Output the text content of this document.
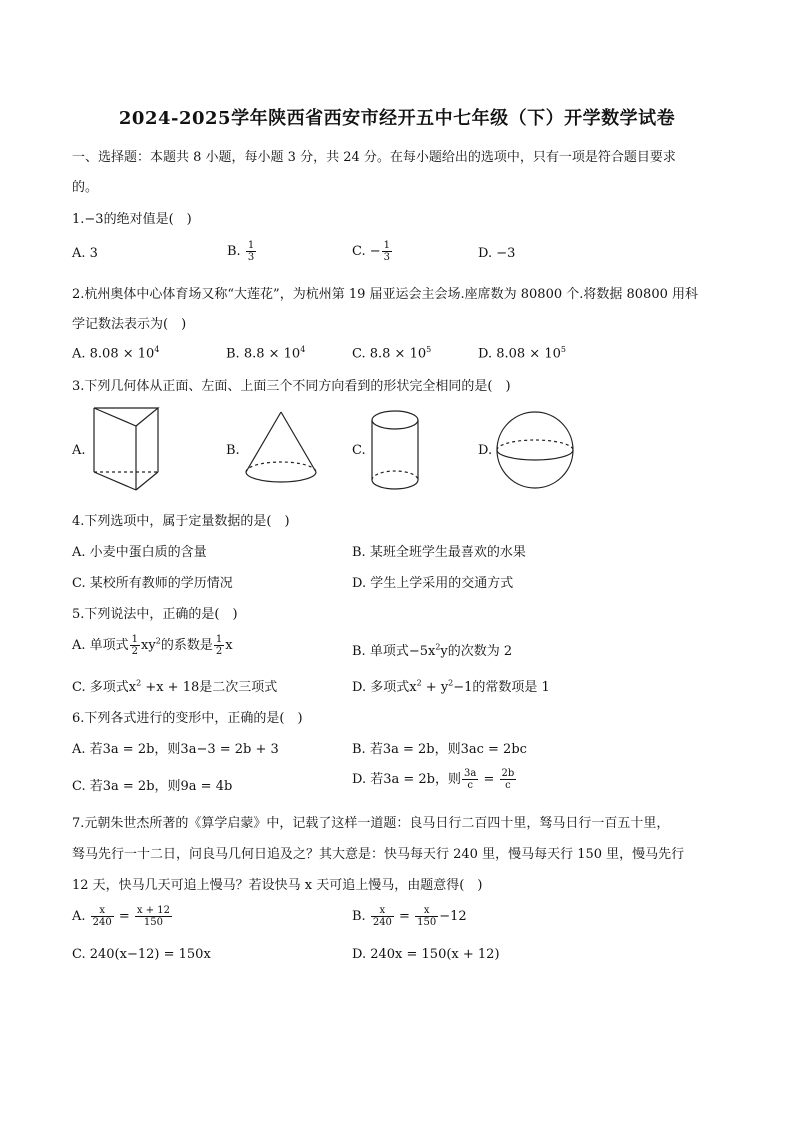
2024-2025学年陕西省西安市经开五中七年级（下）开学数学试卷
一、选择题：本题共 8 小题，每小题 3 分，共 24 分。在每小题给出的选项中，只有一项是符合题目要求
的。
1.−3的绝对值是(　)
A. 3	B. $\frac{1}{3}$	C. − $\frac{1}{3}$	D. −3
2.杭州奥体中心体育场又称“大莲花”，为杭州第 19 届亚运会主会场.座席数为 80800 个.将数据 80800 用科
学记数法表示为(　)
A. $8.08 \times 10^4$	B. $8.8 \times 10^4$	C. $8.8 \times 10^5$	D. $8.08 \times 10^5$
3.下列几何体从正面、左面、上面三个不同方向看到的形状完全相同的是(　)
A.	B.	C.	D.
4.下列选项中，属于定量数据的是(　)
A. 小麦中蛋白质的含量	B. 某班全班学生最喜欢的水果
C. 某校所有教师的学历情况	D. 学生上学采用的交通方式
5.下列说法中，正确的是(　)
A. 单项式 $\frac{1}{2} xy^2$的系数是 $\frac{1}{2}$ x	B. 单项式$-5x^2y$的次数为 2
C. 多项式$x^2 +x + 18$是二次三项式	D. 多项式$x^2 + y^2-1$的常数项是 1
6.下列各式进行的变形中，正确的是(　)
A. 若3a = 2b，则3a−3 = 2b + 3	B. 若3a = 2b，则3ac = 2bc
C. 若3a = 2b，则9a = 4b	D. 若3a = 2b，则 $\frac{3a}{c} = \frac{2b}{c}$
7.元朝朱世杰所著的《算学启蒙》中，记载了这样一道题：良马日行二百四十里，驽马日行一百五十里，
驽马先行一十二日，问良马几何日追及之？其大意是：快马每天行 240 里，慢马每天行 150 里，慢马先行
12 天，快马几天可追上慢马？若设快马 x 天可追上慢马，由题意得(　)
A. $\frac{x}{240} = \frac{x + 12}{150}$	B. $\frac{x}{240} = \frac{x}{150} -12$
C. 240(x−12) = 150x	D. 240x = 150(x + 12)
